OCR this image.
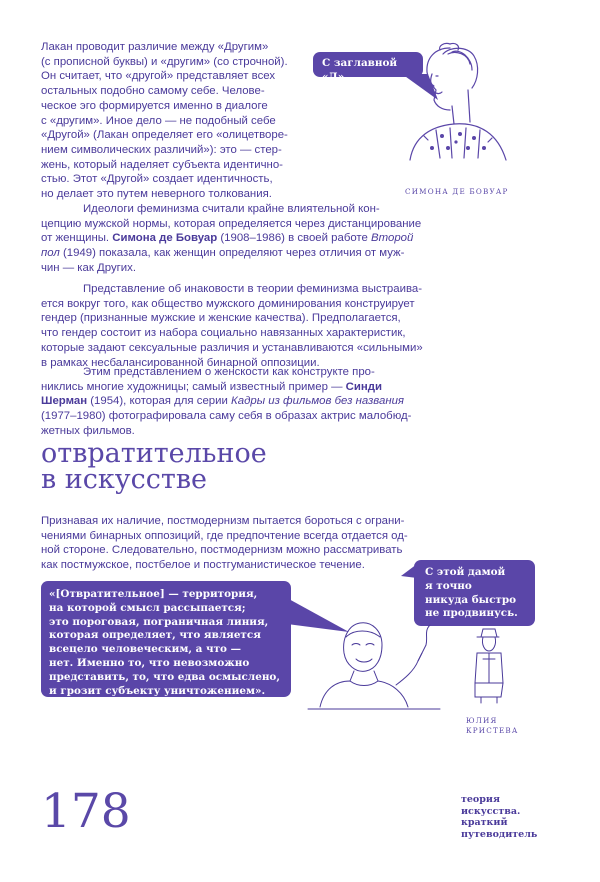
Лакан проводит различие между «Другим»
(с прописной буквы) и «другим» (со строчной).
Он считает, что «другой» представляет всех
остальных подобно самому себе. Челове-
ческое эго формируется именно в диалоге
с «другим». Иное дело — не подобный себе
«Другой» (Лакан определяет его «олицетворе-
нием символических различий»): это — стер-
жень, который наделяет субъекта идентично-
стью. Этот «Другой» создает идентичность,
но делает это путем неверного толкования.
Идеологи феминизма считали крайне влиятельной кон-
цепцию мужской нормы, которая определяется через дистанцирование
от женщины. Симона де Бовуар (1908–1986) в своей работе Второй
пол (1949) показала, как женщин определяют через отличия от муж-
чин — как Других.
Представление об инаковости в теории феминизма выстраива-
ется вокруг того, как общество мужского доминирования конструирует
гендер (признанные мужские и женские качества). Предполагается,
что гендер состоит из набора социально навязанных характеристик,
которые задают сексуальные различия и устанавливаются «сильными»
в рамках несбалансированной бинарной оппозиции.
Этим представлением о женскости как конструкте про-
никлись многие художницы; самый известный пример — Синди
Шерман (1954), которая для серии Кадры из фильмов без названия
(1977–1980) фотографировала саму себя в образах актрис малобюд-
жетных фильмов.
отвратительное
в искусстве
Признавая их наличие, постмодернизм пытается бороться с ограни-
чениями бинарных оппозиций, где предпочтение всегда отдается од-
ной стороне. Следовательно, постмодернизм можно рассматривать
как постмужское, постбелое и постгуманистическое течение.
С заглавной «Д».
СИМОНА ДЕ БОВУАР
«[Отвратительное] — территория,
на которой смысл рассыпается;
это пороговая, пограничная линия,
которая определяет, что является
всецело человеческим, а что —
нет. Именно то, что невозможно
представить, то, что едва осмыслено,
и грозит субъекту уничтожением».
С этой дамой
я точно
никуда быстро
не продвинусь.
ЮЛИЯ
КРИСТЕВА
178	теория
искусства.
краткий
путеводитель
